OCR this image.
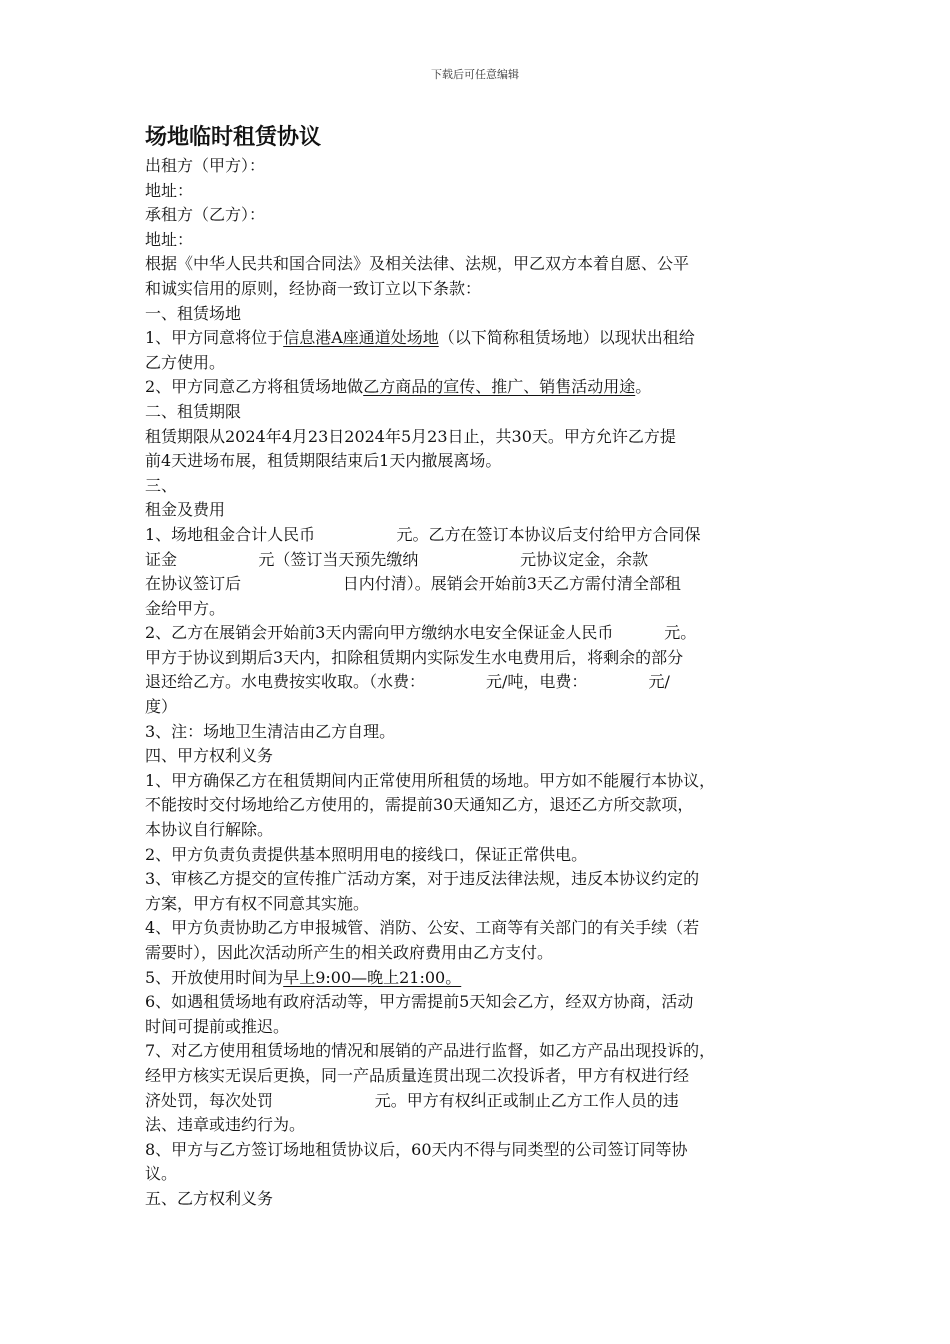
下载后可任意编辑
场地临时租赁协议

出租方（甲方）：

地址：

承租方（乙方）：

地址：

根据《中华人民共和国合同法》及相关法律、法规，甲乙双方本着自愿、公平

和诚实信用的原则，经协商一致订立以下条款：

一、租赁场地

1、甲方同意将位于信息港A座通道处场地（以下简称租赁场地）以现状出租给

乙方使用。

2、甲方同意乙方将租赁场地做乙方商品的宣传、推广、销售活动用途。

二、租赁期限

租赁期限从2024年4月23日2024年5月23日止，共30天。甲方允许乙方提

前4天进场布展，租赁期限结束后1天内撤展离场。

三、

租金及费用

1、场地租金合计人民币                元。乙方在签订本协议后支付给甲方合同保

证金                元（签订当天预先缴纳                    元协议定金，余款

在协议签订后                    日内付清）。展销会开始前3天乙方需付清全部租

金给甲方。

2、乙方在展销会开始前3天内需向甲方缴纳水电安全保证金人民币          元。

甲方于协议到期后3天内，扣除租赁期内实际发生水电费用后，将剩余的部分

退还给乙方。水电费按实收取。（水费：            元/吨，电费：            元/

度）

3、注：场地卫生清洁由乙方自理。

四、甲方权利义务

1、甲方确保乙方在租赁期间内正常使用所租赁的场地。甲方如不能履行本协议，

不能按时交付场地给乙方使用的，需提前30天通知乙方，退还乙方所交款项，

本协议自行解除。

2、甲方负责负责提供基本照明用电的接线口，保证正常供电。

3、审核乙方提交的宣传推广活动方案，对于违反法律法规，违反本协议约定的

方案，甲方有权不同意其实施。

4、甲方负责协助乙方申报城管、消防、公安、工商等有关部门的有关手续（若

需要时），因此次活动所产生的相关政府费用由乙方支付。

5、开放使用时间为早上9:00—晚上21:00。

6、如遇租赁场地有政府活动等，甲方需提前5天知会乙方，经双方协商，活动

时间可提前或推迟。

7、对乙方使用租赁场地的情况和展销的产品进行监督，如乙方产品出现投诉的，

经甲方核实无误后更换，同一产品质量连贯出现二次投诉者，甲方有权进行经

济处罚，每次处罚                    元。甲方有权纠正或制止乙方工作人员的违

法、违章或违约行为。

8、甲方与乙方签订场地租赁协议后，60天内不得与同类型的公司签订同等协

议。

五、乙方权利义务
